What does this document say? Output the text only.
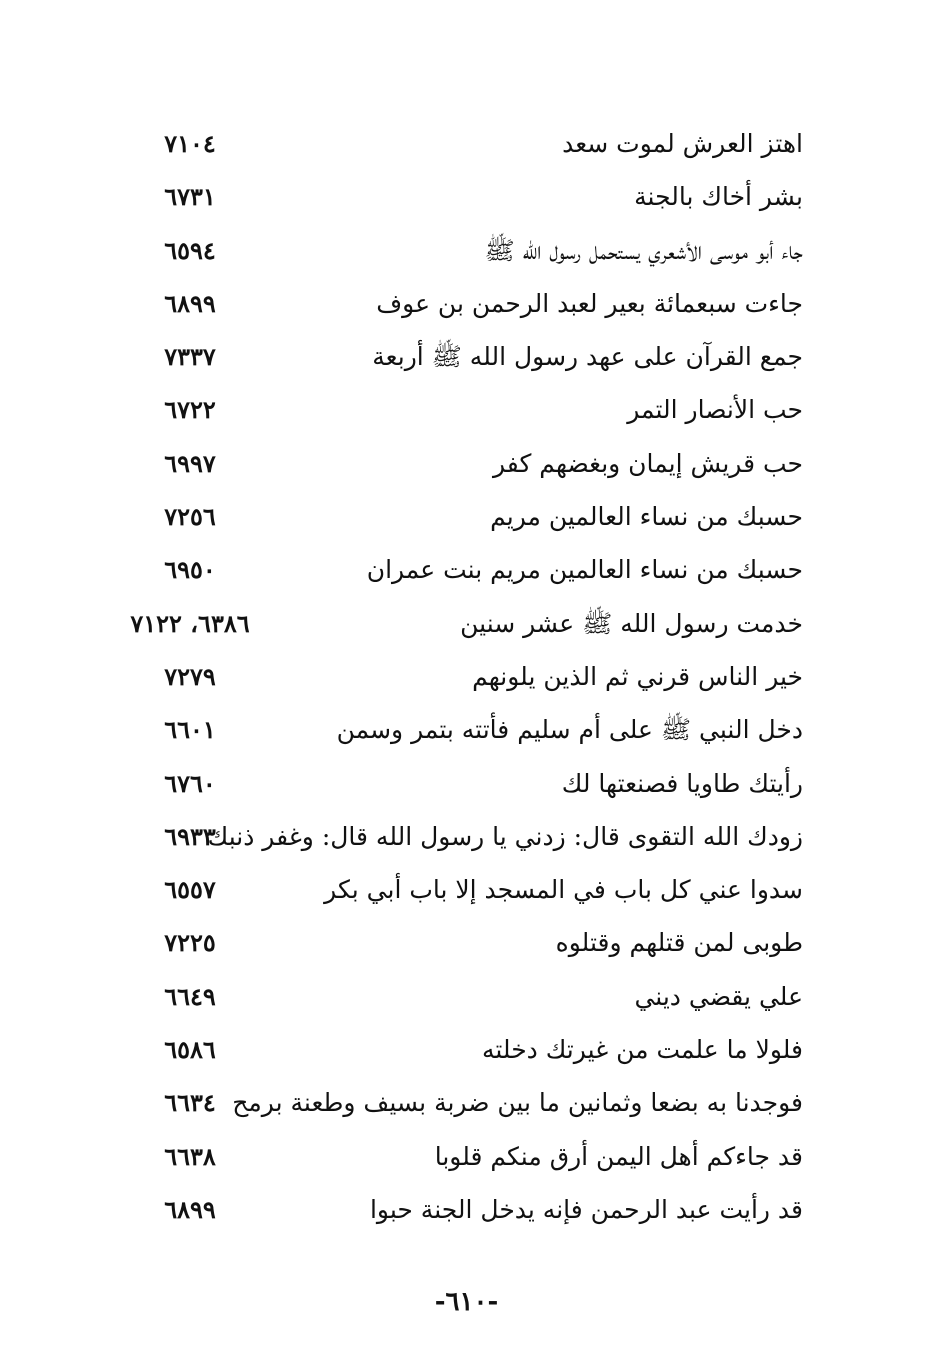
اهتز العرش لموت سعد
٧١٠٤
بشر أخاك بالجنة
٦٧٣١
جاء أبو موسى الأشعري يستحمل رسول الله ﷺ
٦٥٩٤
جاءت سبعمائة بعير لعبد الرحمن بن عوف
٦٨٩٩
جمع القرآن على عهد رسول الله ﷺ أربعة
٧٣٣٧
حب الأنصار التمر
٦٧٢٢
حب قريش إيمان وبغضهم كفر
٦٩٩٧
حسبك من نساء العالمين مريم
٧٢٥٦
حسبك من نساء العالمين مريم بنت عمران
٦٩٥٠
خدمت رسول الله ﷺ عشر سنين
٦٣٨٦، ٧١٢٢
خير الناس قرني ثم الذين يلونهم
٧٢٧٩
دخل النبي ﷺ على أم سليم فأتته بتمر وسمن
٦٦٠١
رأيتك طاويا فصنعتها لك
٦٧٦٠
زودك الله التقوى قال: زدني يا رسول الله قال: وغفر ذنبك
٦٩٣٣
سدوا عني كل باب في المسجد إلا باب أبي بكر
٦٥٥٧
طوبى لمن قتلهم وقتلوه
٧٢٢٥
علي يقضي ديني
٦٦٤٩
فلولا ما علمت من غيرتك دخلته
٦٥٨٦
فوجدنا به بضعا وثمانين ما بين ضربة بسيف وطعنة برمح
٦٦٣٤
قد جاءكم أهل اليمن أرق منكم قلوبا
٦٦٣٨
قد رأيت عبد الرحمن فإنه يدخل الجنة حبوا
٦٨٩٩
-٦١٠-
